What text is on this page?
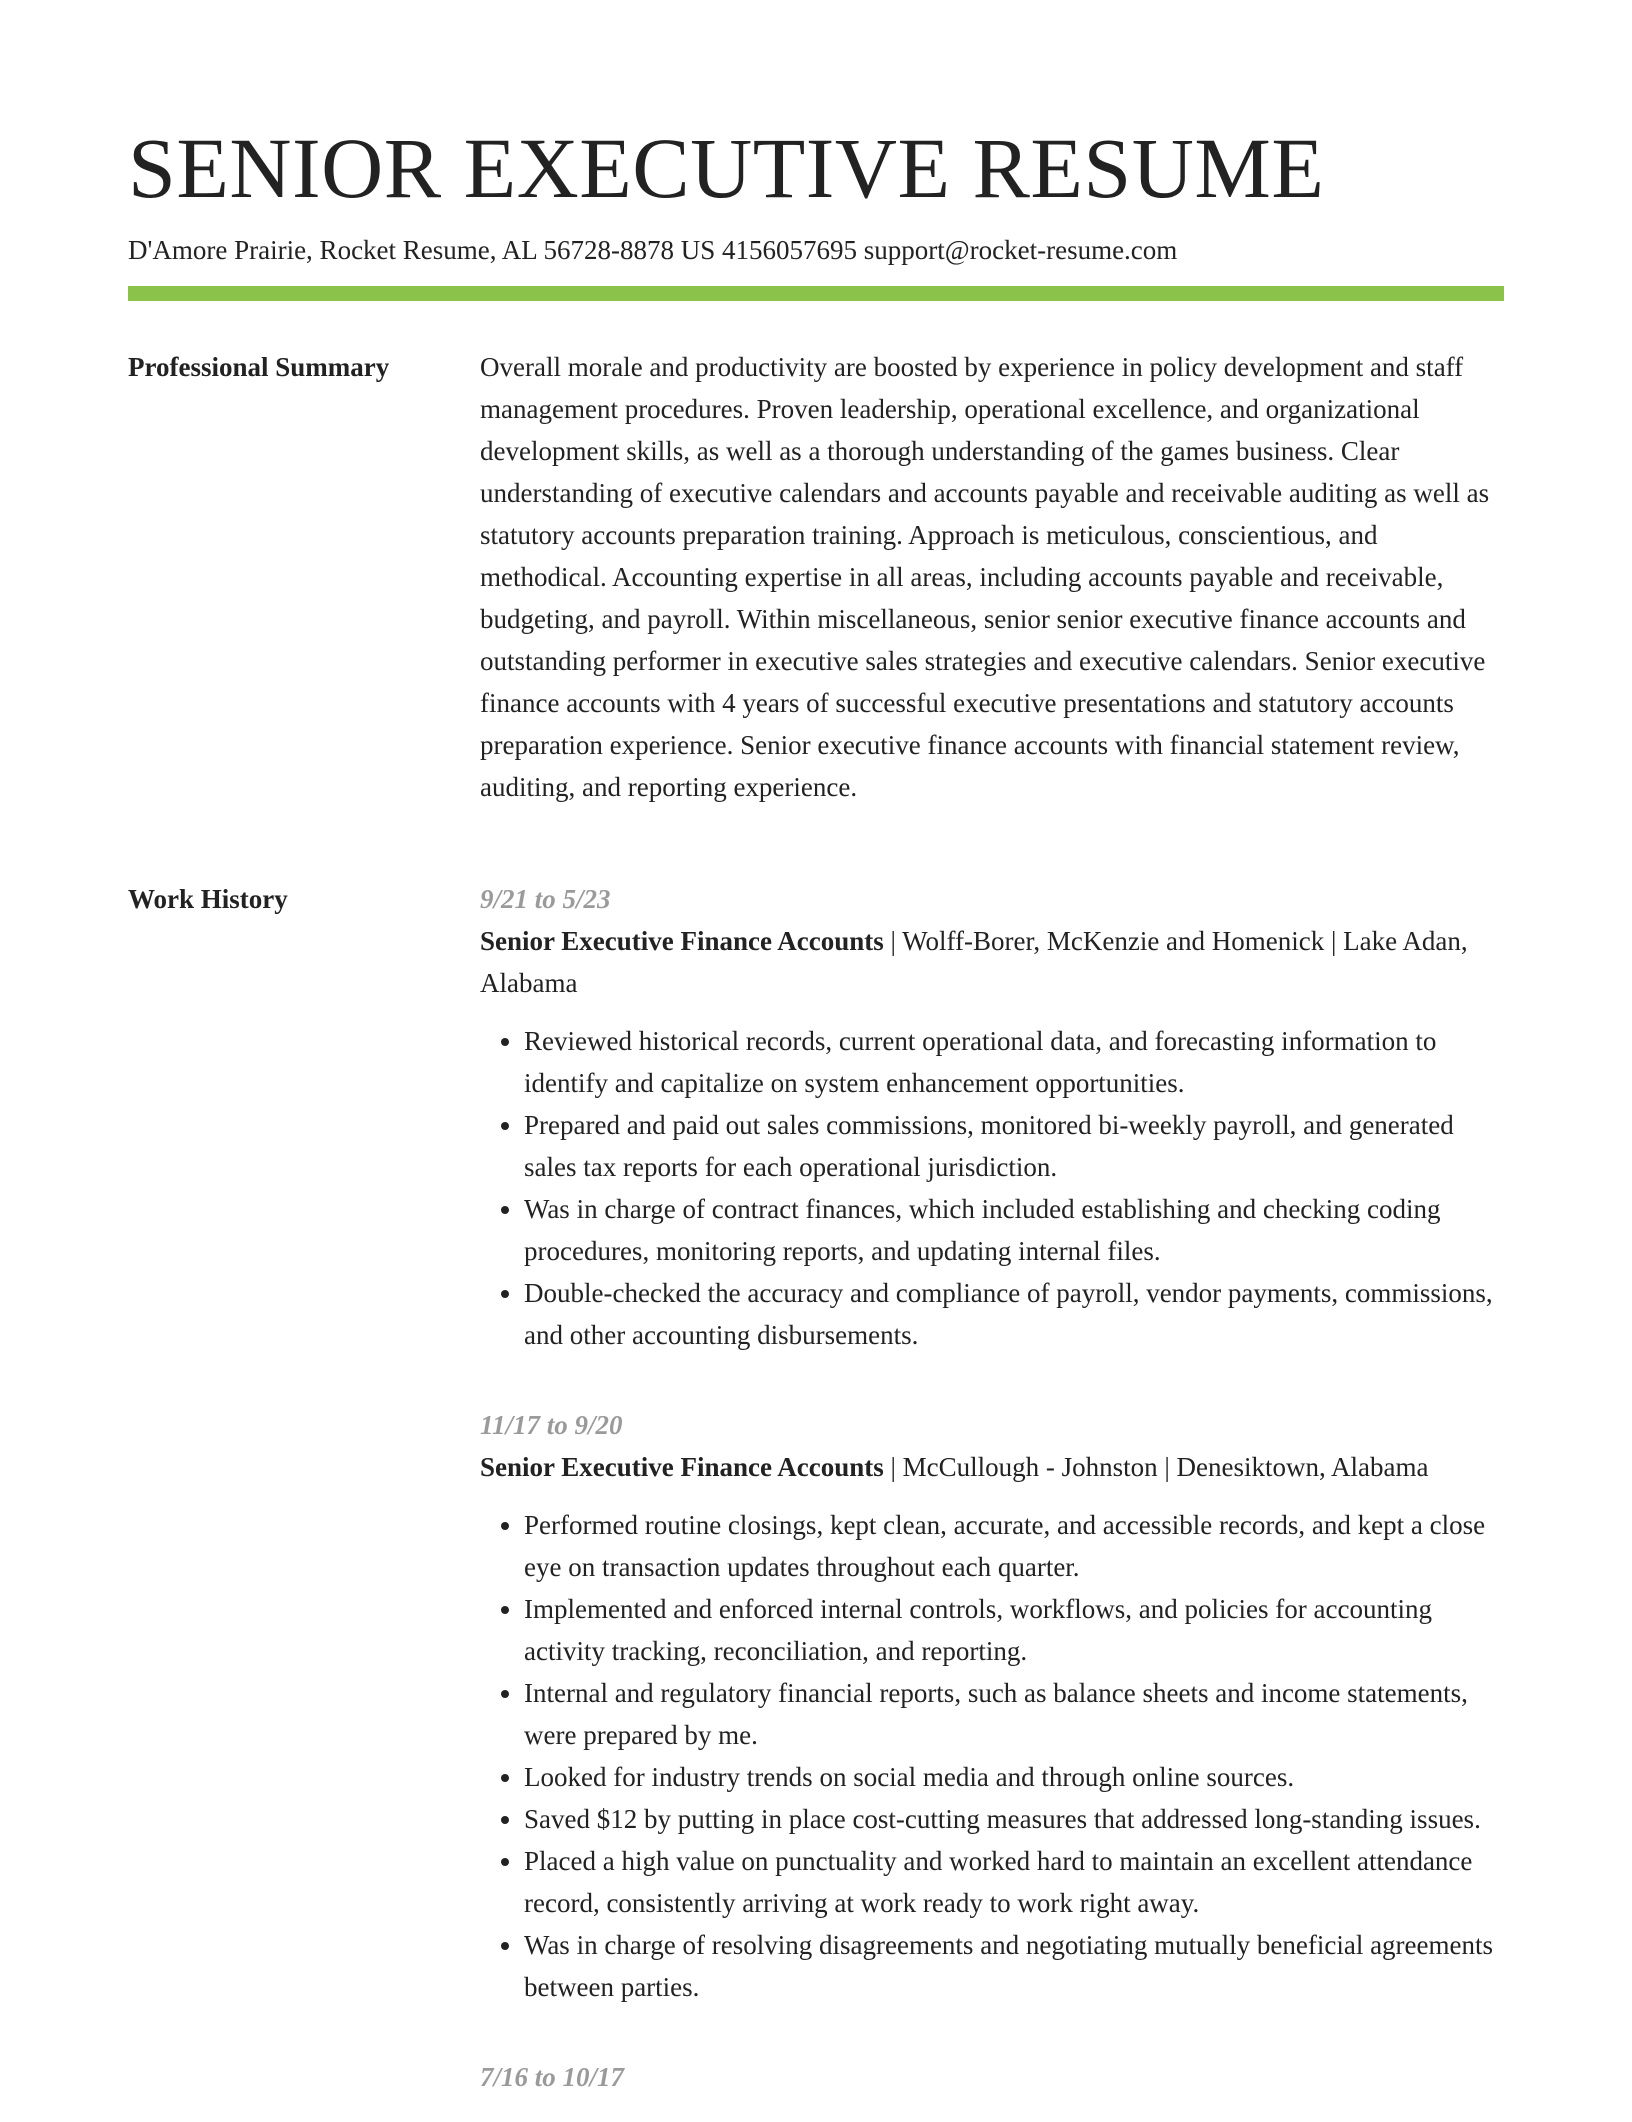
SENIOR EXECUTIVE RESUME
D'Amore Prairie, Rocket Resume, AL 56728-8878 US 4156057695 support@rocket-resume.com
Professional Summary	Overall morale and productivity are boosted by experience in policy development and staff management procedures. Proven leadership, operational excellence, and organizational development skills, as well as a thorough understanding of the games business. Clear understanding of executive calendars and accounts payable and receivable auditing as well as statutory accounts preparation training. Approach is meticulous, conscientious, and methodical. Accounting expertise in all areas, including accounts payable and receivable, budgeting, and payroll. Within miscellaneous, senior senior executive finance accounts and outstanding performer in executive sales strategies and executive calendars. Senior executive finance accounts with 4 years of successful executive presentations and statutory accounts preparation experience. Senior executive finance accounts with financial statement review, auditing, and reporting experience.

Work History	9/21 to 5/23
Senior Executive Finance Accounts | Wolff-Borer, McKenzie and Homenick | Lake Adan, Alabama
• Reviewed historical records, current operational data, and forecasting information to identify and capitalize on system enhancement opportunities.
• Prepared and paid out sales commissions, monitored bi-weekly payroll, and generated sales tax reports for each operational jurisdiction.
• Was in charge of contract finances, which included establishing and checking coding procedures, monitoring reports, and updating internal files.
• Double-checked the accuracy and compliance of payroll, vendor payments, commissions, and other accounting disbursements.
11/17 to 9/20
Senior Executive Finance Accounts | McCullough - Johnston | Denesiktown, Alabama
• Performed routine closings, kept clean, accurate, and accessible records, and kept a close eye on transaction updates throughout each quarter.
• Implemented and enforced internal controls, workflows, and policies for accounting activity tracking, reconciliation, and reporting.
• Internal and regulatory financial reports, such as balance sheets and income statements, were prepared by me.
• Looked for industry trends on social media and through online sources.
• Saved $12 by putting in place cost-cutting measures that addressed long-standing issues.
• Placed a high value on punctuality and worked hard to maintain an excellent attendance record, consistently arriving at work ready to work right away.
• Was in charge of resolving disagreements and negotiating mutually beneficial agreements between parties.
7/16 to 10/17
